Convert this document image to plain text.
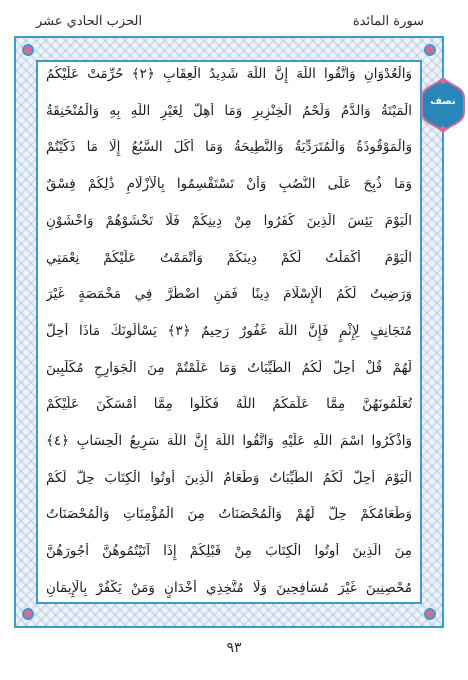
سورة المائدة
الحزب الحادي عشر
نصف
وَالْعُدْوَانِ وَاتَّقُوا اللَّهَ إِنَّ اللَّهَ شَدِيدُ الْعِقَابِ ﴿٢﴾ حُرِّمَتْ عَلَيْكُمُ
الْمَيْتَةُ وَالدَّمُ وَلَحْمُ الْخِنْزِيرِ وَمَا أُهِلَّ لِغَيْرِ اللَّهِ بِهِ وَالْمُنْخَنِقَةُ
وَالْمَوْقُوذَةُ وَالْمُتَرَدِّيَةُ وَالنَّطِيحَةُ وَمَا أَكَلَ السَّبُعُ إِلَّا مَا ذَكَّيْتُمْ
وَمَا ذُبِحَ عَلَى النُّصُبِ وَأَنْ تَسْتَقْسِمُوا بِالْأَزْلَامِ ذَٰلِكُمْ فِسْقٌ
الْيَوْمَ يَئِسَ الَّذِينَ كَفَرُوا مِنْ دِينِكُمْ فَلَا تَخْشَوْهُمْ وَاخْشَوْنِ
الْيَوْمَ أَكْمَلْتُ لَكُمْ دِينَكُمْ وَأَتْمَمْتُ عَلَيْكُمْ نِعْمَتِي
وَرَضِيتُ لَكُمُ الْإِسْلَامَ دِينًا فَمَنِ اضْطُرَّ فِي مَخْمَصَةٍ غَيْرَ
مُتَجَانِفٍ لِإِثْمٍ فَإِنَّ اللَّهَ غَفُورٌ رَحِيمٌ ﴿٣﴾ يَسْأَلُونَكَ مَاذَا أُحِلَّ
لَهُمْ قُلْ أُحِلَّ لَكُمُ الطَّيِّبَاتُ وَمَا عَلَّمْتُمْ مِنَ الْجَوَارِحِ مُكَلِّبِينَ
تُعَلِّمُونَهُنَّ مِمَّا عَلَّمَكُمُ اللَّهُ فَكُلُوا مِمَّا أَمْسَكْنَ عَلَيْكُمْ
وَاذْكُرُوا اسْمَ اللَّهِ عَلَيْهِ وَاتَّقُوا اللَّهَ إِنَّ اللَّهَ سَرِيعُ الْحِسَابِ ﴿٤﴾
الْيَوْمَ أُحِلَّ لَكُمُ الطَّيِّبَاتُ وَطَعَامُ الَّذِينَ أُوتُوا الْكِتَابَ حِلٌّ لَكُمْ
وَطَعَامُكُمْ حِلٌّ لَهُمْ وَالْمُحْصَنَاتُ مِنَ الْمُؤْمِنَاتِ وَالْمُحْصَنَاتُ
مِنَ الَّذِينَ أُوتُوا الْكِتَابَ مِنْ قَبْلِكُمْ إِذَا آتَيْتُمُوهُنَّ أُجُورَهُنَّ
مُحْصِنِينَ غَيْرَ مُسَافِحِينَ وَلَا مُتَّخِذِي أَخْدَانٍ وَمَنْ يَكْفُرْ بِالْإِيمَانِ
٩٣
